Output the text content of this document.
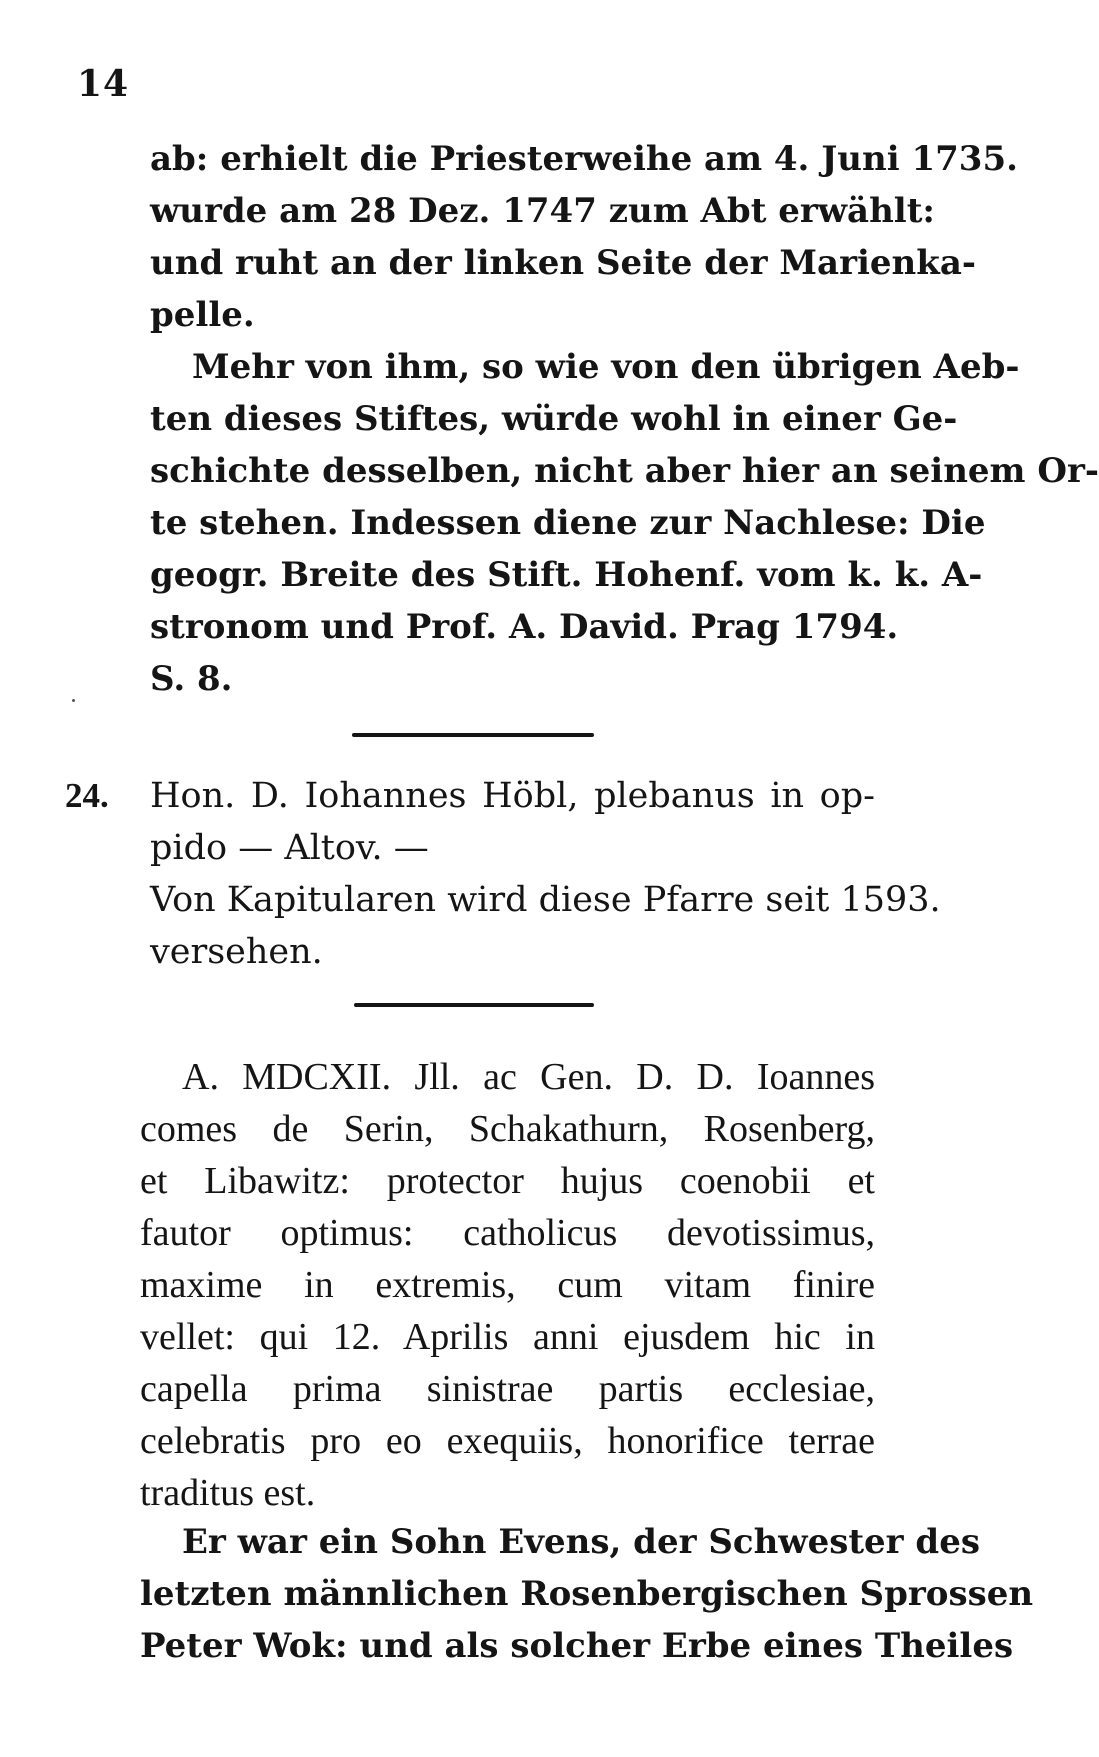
14
ab: erhielt die Priesterweihe am 4. Juni 1735.
wurde am 28 Dez. 1747 zum Abt erwählt:
und ruht an der linken Seite der Marienka-
pelle.
Mehr von ihm, so wie von den übrigen Aeb-
ten dieses Stiftes, würde wohl in einer Ge-
schichte desselben, nicht aber hier an seinem Or-
te stehen. Indessen diene zur Nachlese: Die
geogr. Breite des Stift. Hohenf. vom k. k. A-
stronom und Prof. A. David. Prag 1794.
S. 8.
24. Hon. D. Iohannes Höbl, plebanus in op-
pido — Altov. —
Von Kapitularen wird diese Pfarre seit 1593.
versehen.
A. MDCXII. Jll. ac Gen. D. D. Ioannes
comes de Serin, Schakathurn, Rosenberg,
et Libawitz: protector hujus coenobii et
fautor optimus: catholicus devotissimus,
maxime in extremis, cum vitam finire
vellet: qui 12. Aprilis anni ejusdem hic in
capella prima sinistrae partis ecclesiae,
celebratis pro eo exequiis, honorifice terrae
traditus est.
Er war ein Sohn Evens, der Schwester des
letzten männlichen Rosenbergischen Sprossen
Peter Wok: und als solcher Erbe eines Theiles
